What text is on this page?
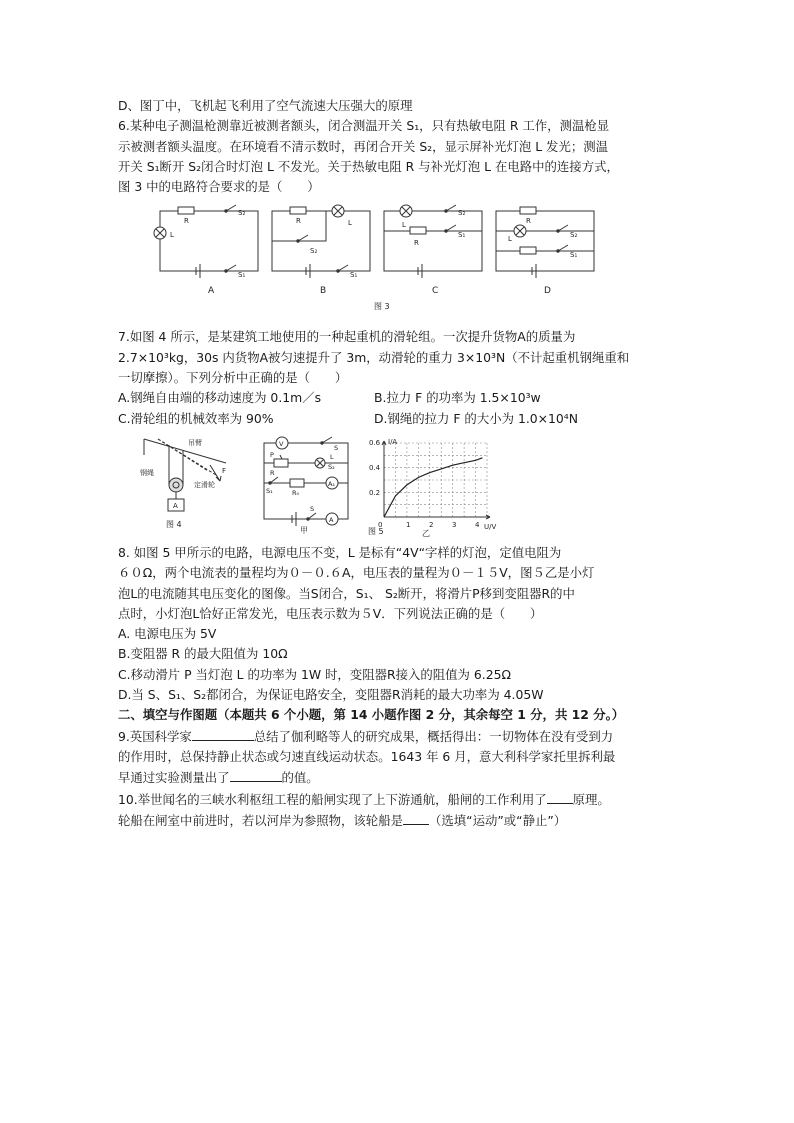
D、图丁中，飞机起飞利用了空气流速大压强大的原理

6.某种电子测温枪测靠近被测者额头，闭合测温开关 S₁，只有热敏电阻 R 工作，测温枪显

示被测者额头温度。在环境看不清示数时，再闭合开关 S₂，显示屏补光灯泡 L 发光；测温

开关 S₁断开 S₂闭合时灯泡 L 不发光。关于热敏电阻 R 与补光灯泡 L 在电路中的连接方式，

图 3 中的电路符合要求的是（　　）

R
L
S₂
S₁
R	L
S₂
S₁
L
S₂
R
S₁
R
L	S₂
S₁
A	B	C	D
图 3

7.如图 4 所示，是某建筑工地使用的一种起重机的滑轮组。一次提升货物A的质量为

2.7×10³kg，30s 内货物A被匀速提升了 3m，动滑轮的重力 3×10³N（不计起重机钢绳重和

一切摩擦）。下列分析中正确的是（　　）

A.钢绳自由端的移动速度为 0.1m／s	B.拉力 F 的功率为 1.5×10³w
C.滑轮组的机械效率为 90%	D.钢绳的拉力 F 的大小为 1.0×10⁴N
吊臂
钢绳
定滑轮
F
A
图 4
V	S
P
R
L
S₂
S₁	R₀
A₁
S
A
甲
I/A
U/V
0	1	2	3	4
0.2
0.4
0.6
乙
图 5

8. 如图 5 甲所示的电路，电源电压不变，L 是标有“4V“字样的灯泡，定值电阻为

６０Ω，两个电流表的量程均为０－０.６A，电压表的量程为０－１５V，图５乙是小灯

泡L的电流随其电压变化的图像。当S闭合，S₁、 S₂断开，将滑片P移到变阻器R的中

点时，小灯泡L恰好正常发光，电压表示数为５V．下列说法正确的是（　　）

A. 电源电压为 5V

B.变阻器 R 的最大阻值为 10Ω

C.移动滑片 P 当灯泡 L 的功率为 1W 时，变阻器R接入的阻值为 6.25Ω

D.当 S、S₁、S₂都闭合，为保证电路安全，变阻器R消耗的最大功率为 4.05W

二、填空与作图题（本题共 6 个小题，第 14 小题作图 2 分，其余每空 1 分，共 12 分。）

9.英国科学家	总结了伽利略等人的研究成果，概括得出：一切物体在没有受到力

的作用时，总保持静止状态或匀速直线运动状态。1643 年 6 月，意大利科学家托里拆利最

早通过实验测量出了	的值。

10.举世闻名的三峡水利枢纽工程的船闸实现了上下游通航，船闸的工作利用了 原理。

轮船在闸室中前进时，若以河岸为参照物，该轮船是 （选填“运动”或“静止”）
